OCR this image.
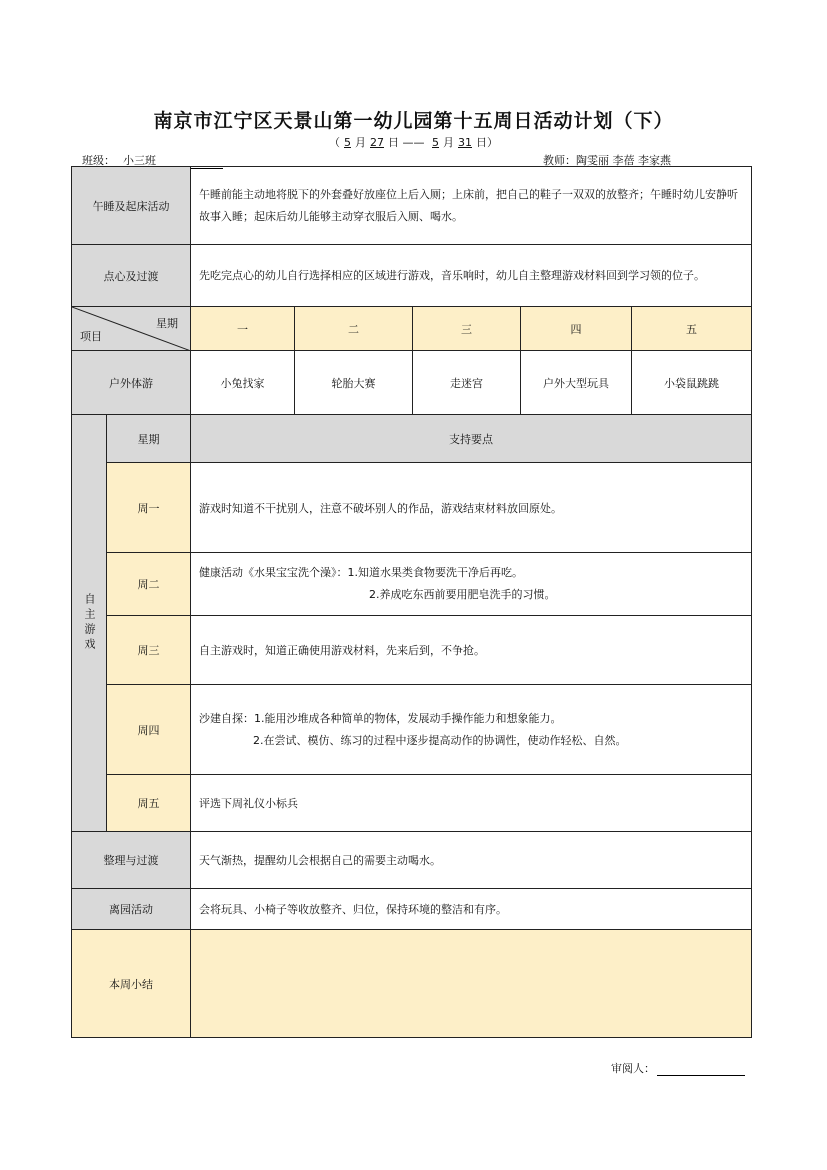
南京市江宁区天景山第一幼儿园第十五周日活动计划（下）
（ 5 月 27 日 —— 5 月 31 日）
班级： 小三班	教师：陶雯丽 李蓓 李家燕
午睡及起床活动		午睡前能主动地将脱下的外套叠好放座位上后入厕；上床前，把自己的鞋子一双双的放整齐；午睡时幼儿安静听故事入睡；起床后幼儿能够主动穿衣服后入厕、喝水。				
点心及过渡		先吃完点心的幼儿自行选择相应的区域进行游戏，音乐响时，幼儿自主整理游戏材料回到学习领的位子。				

星期
项目		一	二	三	四	五
户外体游		小兔找家	轮胎大赛	走迷宫	户外大型玩具	小袋鼠跳跳

自主游戏	星期	支持要点				
	周一	游戏时知道不干扰别人，注意不破坏别人的作品，游戏结束材料放回原处。				
	周二	健康活动《水果宝宝洗个澡》：1.知道水果类食物要洗干净后再吃。
2.养成吃东西前要用肥皂洗手的习惯。				

	周三	自主游戏时，知道正确使用游戏材料，先来后到，不争抢。				
	周四	沙建自探：1.能用沙堆成各种简单的物体，发展动手操作能力和想象能力。
2.在尝试、模仿、练习的过程中逐步提高动作的协调性，使动作轻松、自然。				

	周五	评选下周礼仪小标兵				
整理与过渡		天气渐热，提醒幼儿会根据自己的需要主动喝水。				
离园活动		会将玩具、小椅子等收放整齐、归位，保持环境的整洁和有序。				
本周小结						
审阅人：
